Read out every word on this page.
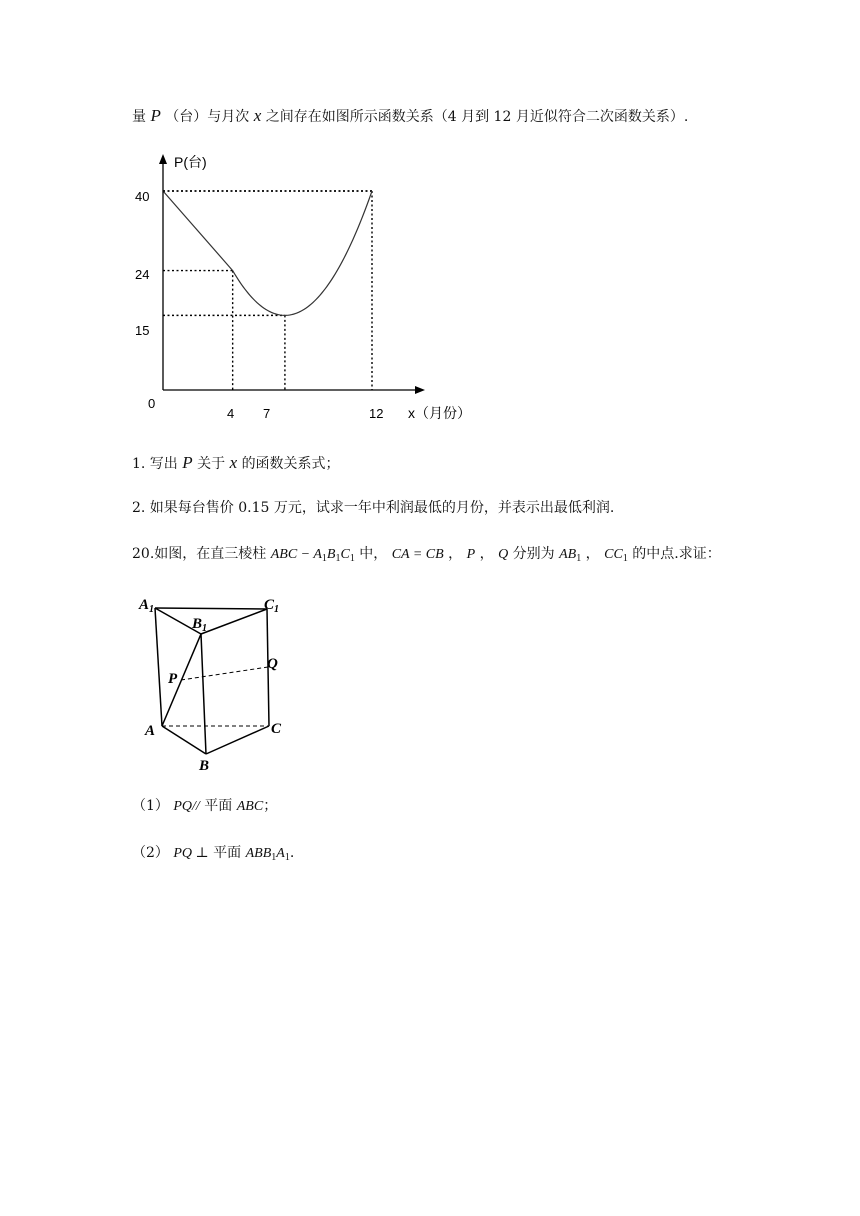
量 P （台）与月次 x 之间存在如图所示函数关系（4 月到 12 月近似符合二次函数关系）.
P(台)
x（月份）
0
40
24
15
4 7	12
1. 写出 P 关于 x 的函数关系式；
2. 如果每台售价 0.15 万元，试求一年中利润最低的月份，并表示出最低利润.
20.如图，在直三棱柱 ABC − $A_1B_1C_1$ 中， CA = CB ， P ， Q 分别为 $AB_1$ ， $CC_1$ 的中点.求证：
$A_1$
$B_1$
$C_1$
P
Q
A
B
C
（1） PQ// 平面 ABC；
（2） PQ ⊥ 平面 $ABB_1A_1$.
